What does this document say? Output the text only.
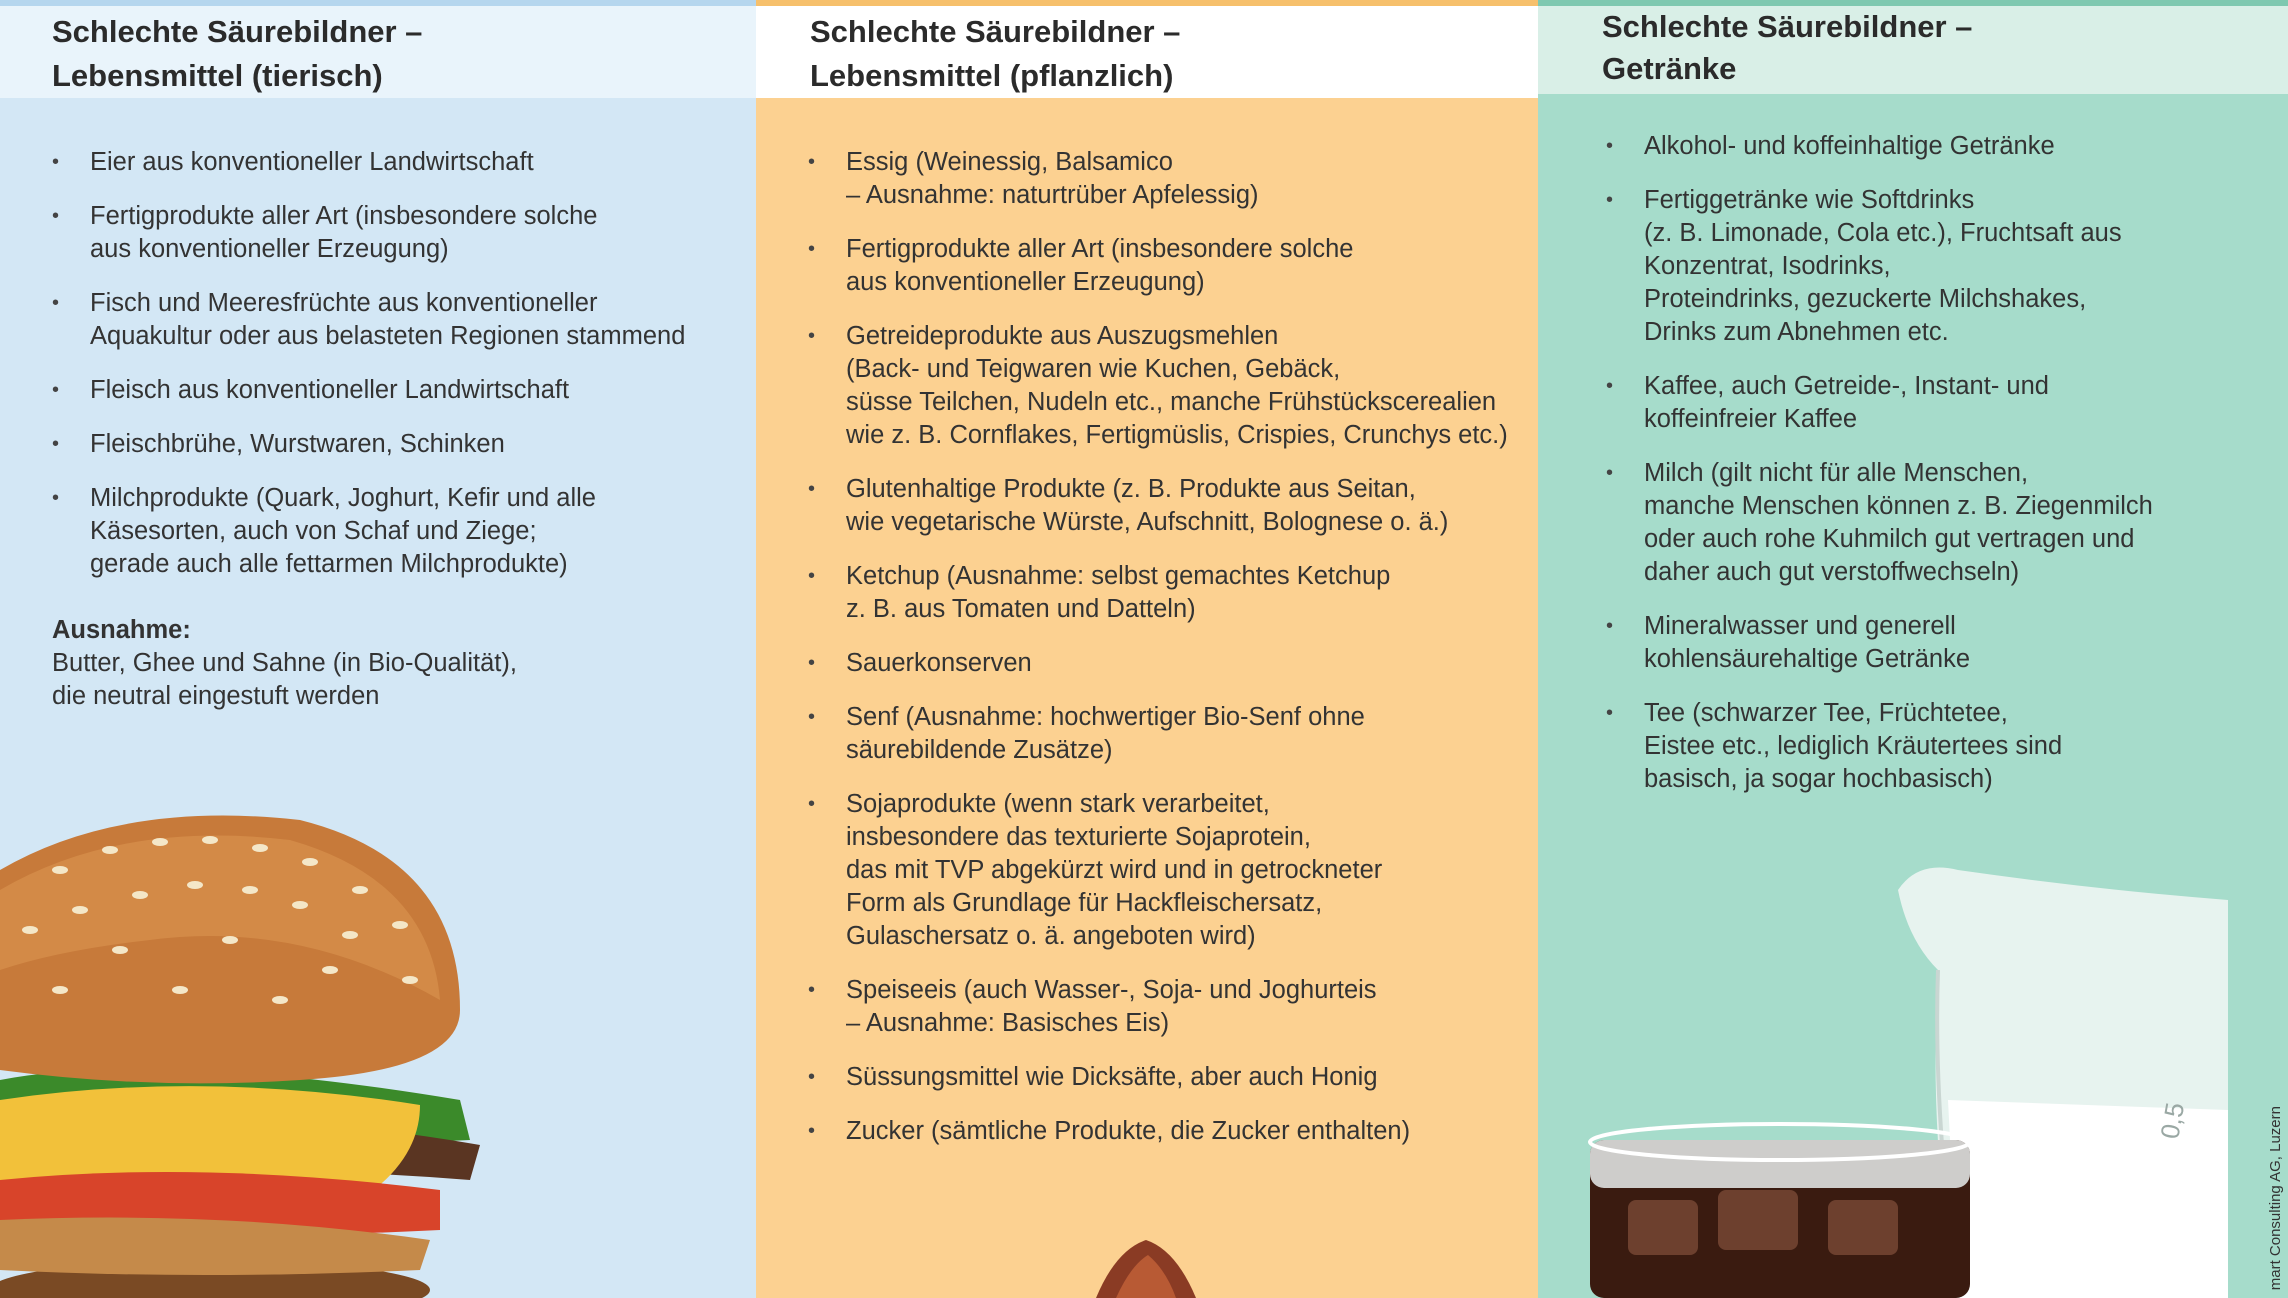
Schlechte Säurebildner –
Lebensmittel (tierisch)
• Eier aus konventioneller Landwirtschaft
• Fertigprodukte aller Art (insbesondere solche
aus konventioneller Erzeugung)
• Fisch und Meeresfrüchte aus konventioneller
Aquakultur oder aus belasteten Regionen stammend
• Fleisch aus konventioneller Landwirtschaft
• Fleischbrühe, Wurstwaren, Schinken
• Milchprodukte (Quark, Joghurt, Kefir und alle
Käsesorten, auch von Schaf und Ziege;
gerade auch alle fettarmen Milchprodukte)
Ausnahme:
Butter, Ghee und Sahne (in Bio-Qualität),
die neutral eingestuft werden
Schlechte Säurebildner –
Lebensmittel (pflanzlich)
• Essig (Weinessig, Balsamico
– Ausnahme: naturtrüber Apfelessig)
• Fertigprodukte aller Art (insbesondere solche
aus konventioneller Erzeugung)
• Getreideprodukte aus Auszugsmehlen
(Back- und Teigwaren wie Kuchen, Gebäck,
süsse Teilchen, Nudeln etc., manche Frühstückscerealien
wie z. B. Cornflakes, Fertigmüslis, Crispies, Crunchys etc.)
• Glutenhaltige Produkte (z. B. Produkte aus Seitan,
wie vegetarische Würste, Aufschnitt, Bolognese o. ä.)
• Ketchup (Ausnahme: selbst gemachtes Ketchup
z. B. aus Tomaten und Datteln)
• Sauerkonserven
• Senf (Ausnahme: hochwertiger Bio-Senf ohne
säurebildende Zusätze)
• Sojaprodukte (wenn stark verarbeitet,
insbesondere das texturierte Sojaprotein,
das mit TVP abgekürzt wird und in getrockneter
Form als Grundlage für Hackfleischersatz,
Gulaschersatz o. ä. angeboten wird)
• Speiseeis (auch Wasser-, Soja- und Joghurteis
– Ausnahme: Basisches Eis)
• Süssungsmittel wie Dicksäfte, aber auch Honig
• Zucker (sämtliche Produkte, die Zucker enthalten)
Schlechte Säurebildner –
Getränke
• Alkohol- und koffeinhaltige Getränke
• Fertiggetränke wie Softdrinks
(z. B. Limonade, Cola etc.), Fruchtsaft aus
Konzentrat, Isodrinks,
Proteindrinks, gezuckerte Milchshakes,
Drinks zum Abnehmen etc.
• Kaffee, auch Getreide-, Instant- und
koffeinfreier Kaffee
• Milch (gilt nicht für alle Menschen,
manche Menschen können z. B. Ziegenmilch
oder auch rohe Kuhmilch gut vertragen und
daher auch gut verstoffwechseln)
• Mineralwasser und generell
kohlensäurehaltige Getränke
• Tee (schwarzer Tee, Früchtetee,
Eistee etc., lediglich Kräutertees sind
basisch, ja sogar hochbasisch)
0,5	mart Consulting AG, Luzern
